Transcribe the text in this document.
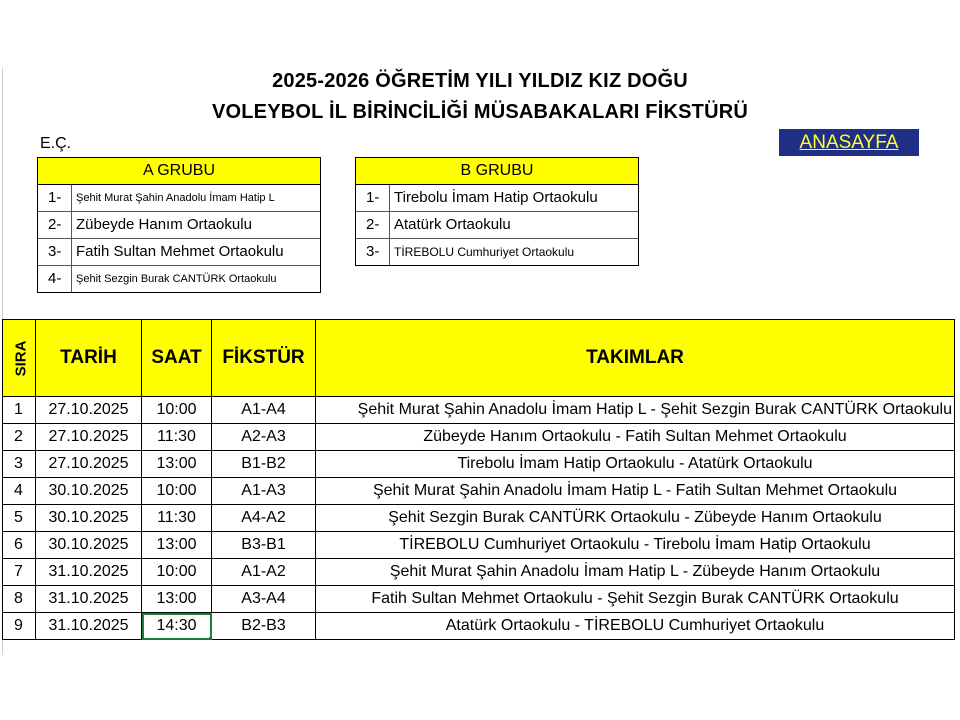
2025-2026 ÖĞRETİM YILI YILDIZ KIZ DOĞU
VOLEYBOL İL BİRİNCİLİĞİ MÜSABAKALARI FİKSTÜRÜ
E.Ç.	ANASAYFA
A GRUBU
1-	Şehit Murat Şahin Anadolu İmam Hatip L
2- Zübeyde Hanım Ortaokulu
3- Fatih Sultan Mehmet Ortaokulu
4-	Şehit Sezgin Burak CANTÜRK Ortaokulu
B GRUBU
1- Tirebolu İmam Hatip Ortaokulu
2- Atatürk Ortaokulu
3-	TİREBOLU Cumhuriyet Ortaokulu
SIRA	TARİH	SAAT	FİKSTÜR	TAKIMLAR
1	27.10.2025	10:00	A1-A4	Şehit Murat Şahin Anadolu İmam Hatip L - Şehit Sezgin Burak CANTÜRK Ortaokulu
2	27.10.2025	11:30	A2-A3	Zübeyde Hanım Ortaokulu - Fatih Sultan Mehmet Ortaokulu
3	27.10.2025	13:00	B1-B2	Tirebolu İmam Hatip Ortaokulu - Atatürk Ortaokulu
4	30.10.2025	10:00	A1-A3	Şehit Murat Şahin Anadolu İmam Hatip L - Fatih Sultan Mehmet Ortaokulu
5	30.10.2025	11:30	A4-A2	Şehit Sezgin Burak CANTÜRK Ortaokulu - Zübeyde Hanım Ortaokulu
6	30.10.2025	13:00	B3-B1	TİREBOLU Cumhuriyet Ortaokulu - Tirebolu İmam Hatip Ortaokulu
7	31.10.2025	10:00	A1-A2	Şehit Murat Şahin Anadolu İmam Hatip L - Zübeyde Hanım Ortaokulu
8	31.10.2025	13:00	A3-A4	Fatih Sultan Mehmet Ortaokulu - Şehit Sezgin Burak CANTÜRK Ortaokulu
9	31.10.2025	14:30	B2-B3	Atatürk Ortaokulu - TİREBOLU Cumhuriyet Ortaokulu
